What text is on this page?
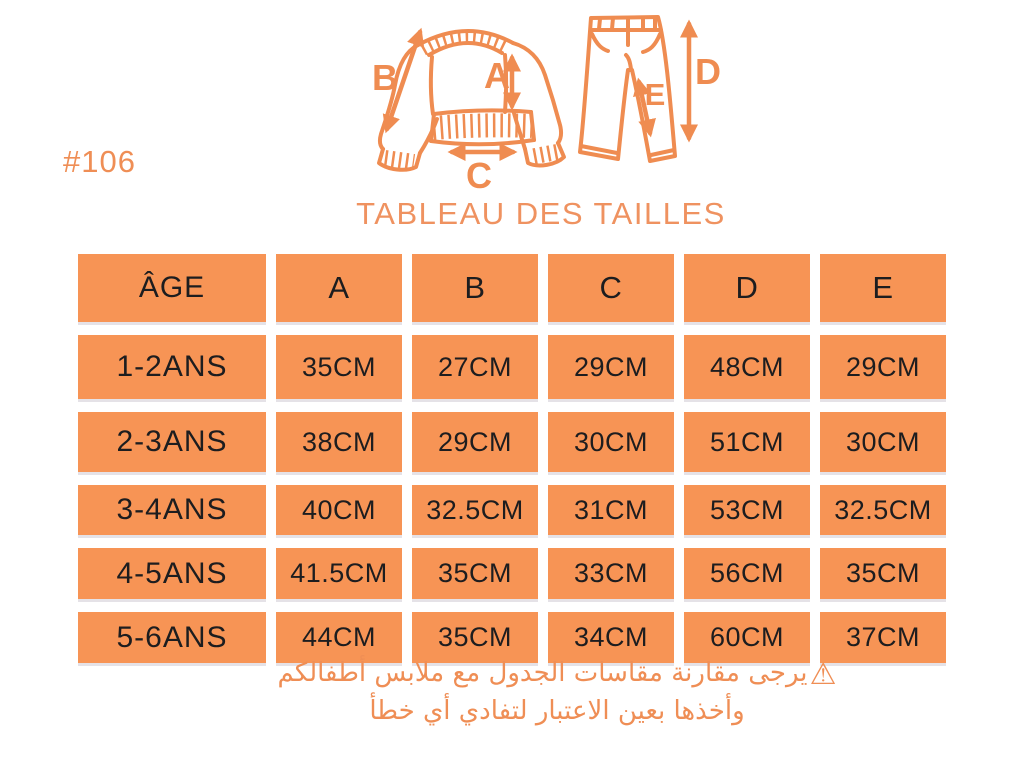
#106
B A
C
D
E
TABLEAU DES TAILLES
ÂGE	A	B	C	D	E
1-2ANS	35CM	27CM	29CM	48CM	29CM
2-3ANS	38CM	29CM	30CM	51CM	30CM
3-4ANS	40CM	32.5CM	31CM	53CM	32.5CM
4-5ANS	41.5CM	35CM	33CM	56CM	35CM
5-6ANS	44CM	35CM	34CM	60CM	37CM
⚠يرجى مقارنة مقاسات الجدول مع ملابس أطفالكم
وأخذها بعين الاعتبار لتفادي أي خطأ
